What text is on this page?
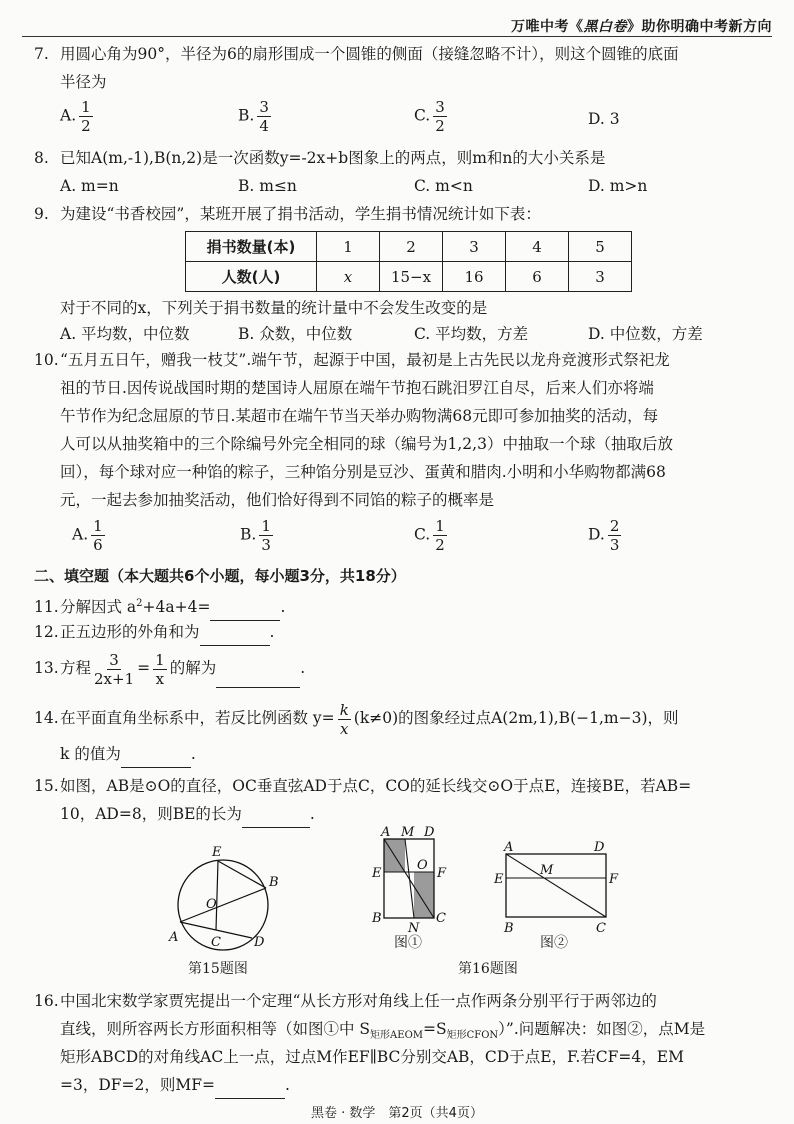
万唯中考《黑白卷》助你明确中考新方向
7. 用圆心角为90°，半径为6的扇形围成一个圆锥的侧面（接缝忽略不计），则这个圆锥的底面
半径为
A. $\frac{1}{2}$	B. $\frac{3}{4}$	C. $\frac{3}{2}$	D. 3
8. 已知A(m,-1),B(n,2)是一次函数y=-2x+b图象上的两点，则m和n的大小关系是
A. m=n	B. m≤n	C. m<n	D. m>n
9. 为建设“书香校园”，某班开展了捐书活动，学生捐书情况统计如下表：
捐书数量(本)	1	2	3	4	5
人数(人)	x	15−x	16	6	3
对于不同的x，下列关于捐书数量的统计量中不会发生改变的是
A. 平均数，中位数	B. 众数，中位数	C. 平均数，方差	D. 中位数，方差
10.“五月五日午，赠我一枝艾”.端午节，起源于中国，最初是上古先民以龙舟竞渡形式祭祀龙
祖的节日.因传说战国时期的楚国诗人屈原在端午节抱石跳汨罗江自尽，后来人们亦将端
午节作为纪念屈原的节日.某超市在端午节当天举办购物满68元即可参加抽奖的活动，每
人可以从抽奖箱中的三个除编号外完全相同的球（编号为1,2,3）中抽取一个球（抽取后放
回），每个球对应一种馅的粽子，三种馅分别是豆沙、蛋黄和腊肉.小明和小华购物都满68
元，一起去参加抽奖活动，他们恰好得到不同馅的粽子的概率是
A. $\frac{1}{6}$	B. $\frac{1}{3}$	C. $\frac{1}{2}$	D. $\frac{2}{3}$
二、填空题（本大题共6个小题，每小题3分，共18分）
11.分解因式 $a^2+4a+4=$	.
12.正五边形的外角和为	.
13.方程 $\frac{3}{2x+1} = \frac{1}{x}$ 的解为	.
14.在平面直角坐标系中，若反比例函数 $y= \frac{k}{x} (k\ne 0)$的图象经过点A(2m,1),B(−1,m−3)，则
k 的值为	.
15.如图，AB是⊙O的直径，OC垂直弦AD于点C，CO的延长线交⊙O于点E，连接BE，若AB=
10，AD=8，则BE的长为	.
E
B
O
A	C	D
第15题图
A M D
O
E	F
B
N
C
图①
A	D
E
M
F
B	C
图②
第16题图
16.中国北宋数学家贾宪提出一个定理“从长方形对角线上任一点作两条分别平行于两邻边的
直线，则所容两长方形面积相等（如图①中 $S_{矩形AEOM}=S_{矩形CFON}$）”.问题解决：如图②，点M是
矩形ABCD的对角线AC上一点，过点M作EF∥BC分别交AB，CD于点E，F.若CF=4，EM
=3，DF=2，则MF=	.
黑卷 · 数学　第2页（共4页）
